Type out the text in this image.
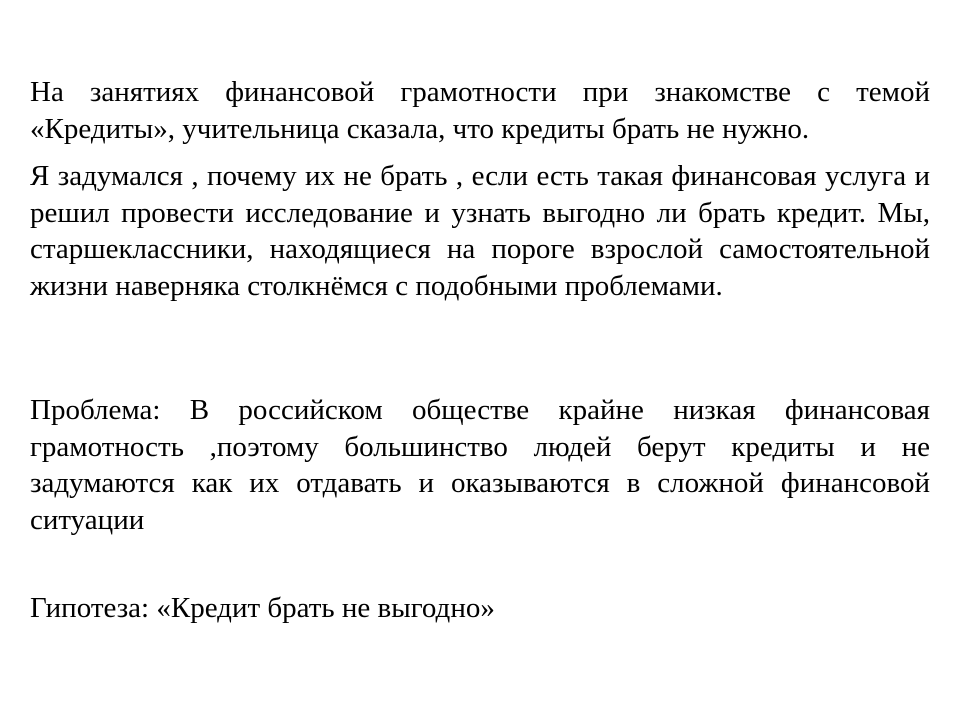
На занятиях финансовой грамотности при знакомстве с темой «Кредиты», учительница сказала, что кредиты брать не нужно.

Я задумался , почему их не брать , если есть такая финансовая услуга и решил провести исследование и узнать выгодно ли брать кредит. Мы, старшеклассники, находящиеся на пороге взрослой самостоятельной жизни наверняка столкнёмся с подобными проблемами.

Проблема: В российском обществе крайне низкая финансовая грамотность ,поэтому большинство людей берут кредиты и не задумаются как их отдавать и оказываются в сложной финансовой ситуации

Гипотеза: «Кредит брать не выгодно»
